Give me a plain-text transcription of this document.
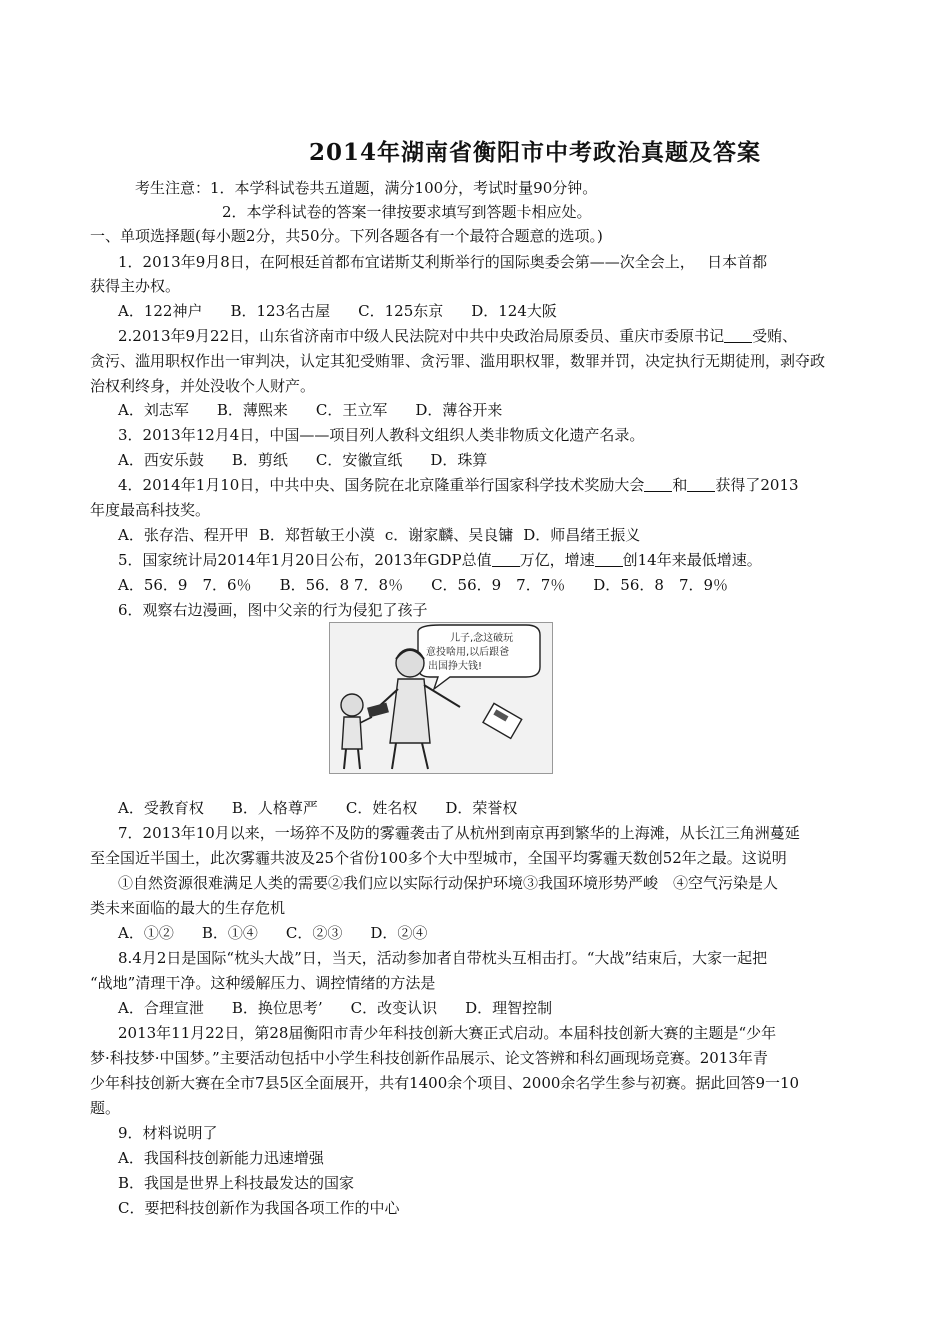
2014年湖南省衡阳市中考政治真题及答案
考生注意：1．本学科试卷共五道题，满分100分，考试时量90分钟。
2．本学科试卷的答案一律按要求填写到答题卡相应处。
一、单项选择题(每小题2分，共50分。下列各题各有一个最符合题意的选项。)
1．2013年9月8日，在阿根廷首都布宜诺斯艾利斯举行的国际奥委会第——次全会上，　 日本首都
获得主办权。
A．122神户 B．123名古屋 C．125东京 D．124大阪
2.2013年9月22日，山东省济南市中级人民法院对中共中央政治局原委员、重庆市委原书记 受贿、
贪污、滥用职权作出一审判决，认定其犯受贿罪、贪污罪、滥用职权罪，数罪并罚，决定执行无期徒刑，剥夺政
治权利终身，并处没收个人财产。
A．刘志军 B．薄熙来 C．王立军 D．薄谷开来
3．2013年12月4日，中国——项目列人教科文组织人类非物质文化遗产名录。
A．西安乐鼓 B．剪纸 C．安徽宣纸 D．珠算
4．2014年1月10日，中共中央、国务院在北京隆重举行国家科学技术奖励大会 和 获得了2013
年度最高科技奖。
A．张存浩、程开甲 B．郑哲敏王小漠 c．谢家麟、吴良镛 D．师昌绪王振义
5．国家统计局2014年1月20日公布，2013年GDP总值 万亿，增速 创14年来最低增速。
A．56．9　7．6％ B．56．8 7．8％ C．56．9　7．7％ D．56．8　7．9％
6．观察右边漫画，图中父亲的行为侵犯了孩子
儿子,念这破玩
意投啥用,以后跟爸
出国挣大钱!
A．受教育权 B．人格尊严 C．姓名权 D．荣誉权
7．2013年10月以来，一场猝不及防的雾霾袭击了从杭州到南京再到繁华的上海滩，从长江三角洲蔓延
至全国近半国土，此次雾霾共波及25个省份100多个大中型城市，全国平均雾霾天数创52年之最。这说明
①自然资源很难满足人类的需要②我们应以实际行动保护环境③我国环境形势严峻　④空气污染是人
类未来面临的最大的生存危机
A．①② B．①④ C．②③ D．②④
8.4月2日是国际“枕头大战”日，当天，活动参加者自带枕头互相击打。“大战”结束后，大家一起把
“战地”清理干净。这种缓解压力、调控情绪的方法是
A．合理宣泄 B．换位思考’ C．改变认识 D．理智控制
2013年11月22日，第28届衡阳市青少年科技创新大赛正式启动。本届科技创新大赛的主题是“少年
梦·科技梦·中国梦。”主要活动包括中小学生科技创新作品展示、论文答辨和科幻画现场竞赛。2013年青
少年科技创新大赛在全市7县5区全面展开，共有1400余个项目、2000余名学生参与初赛。据此回答9一10
题。
9．材料说明了
A．我国科技创新能力迅速增强
B．我国是世界上科技最发达的国家
C．要把科技创新作为我国各项工作的中心
